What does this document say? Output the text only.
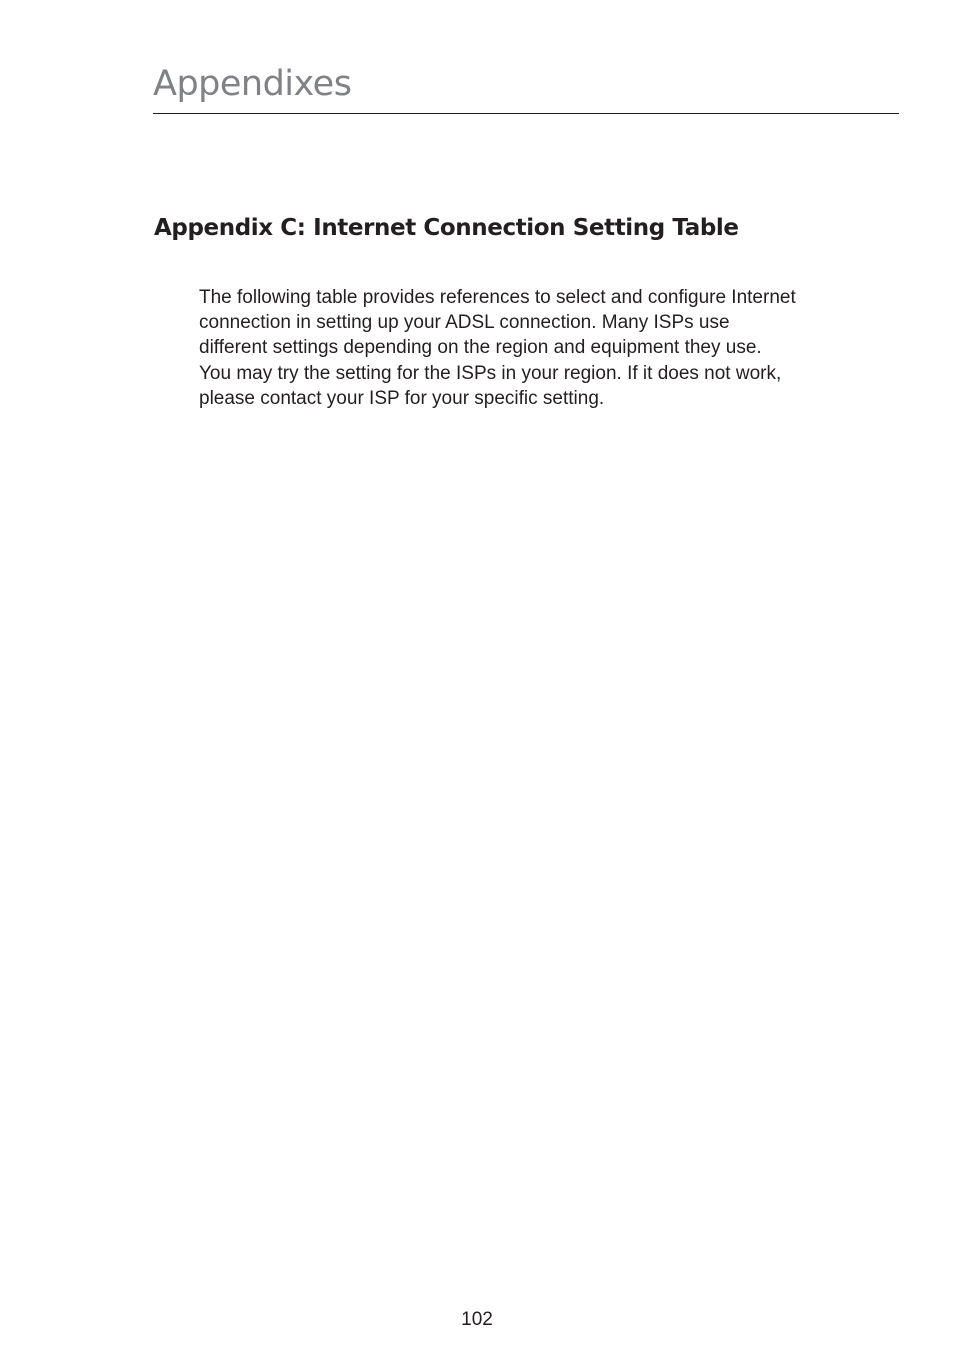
Appendixes
Appendix C: Internet Connection Setting Table

The following table provides references to select and configure Internet
connection in setting up your ADSL connection. Many ISPs use
different settings depending on the region and equipment they use.
You may try the setting for the ISPs in your region. If it does not work,
please contact your ISP for your specific setting.

102
